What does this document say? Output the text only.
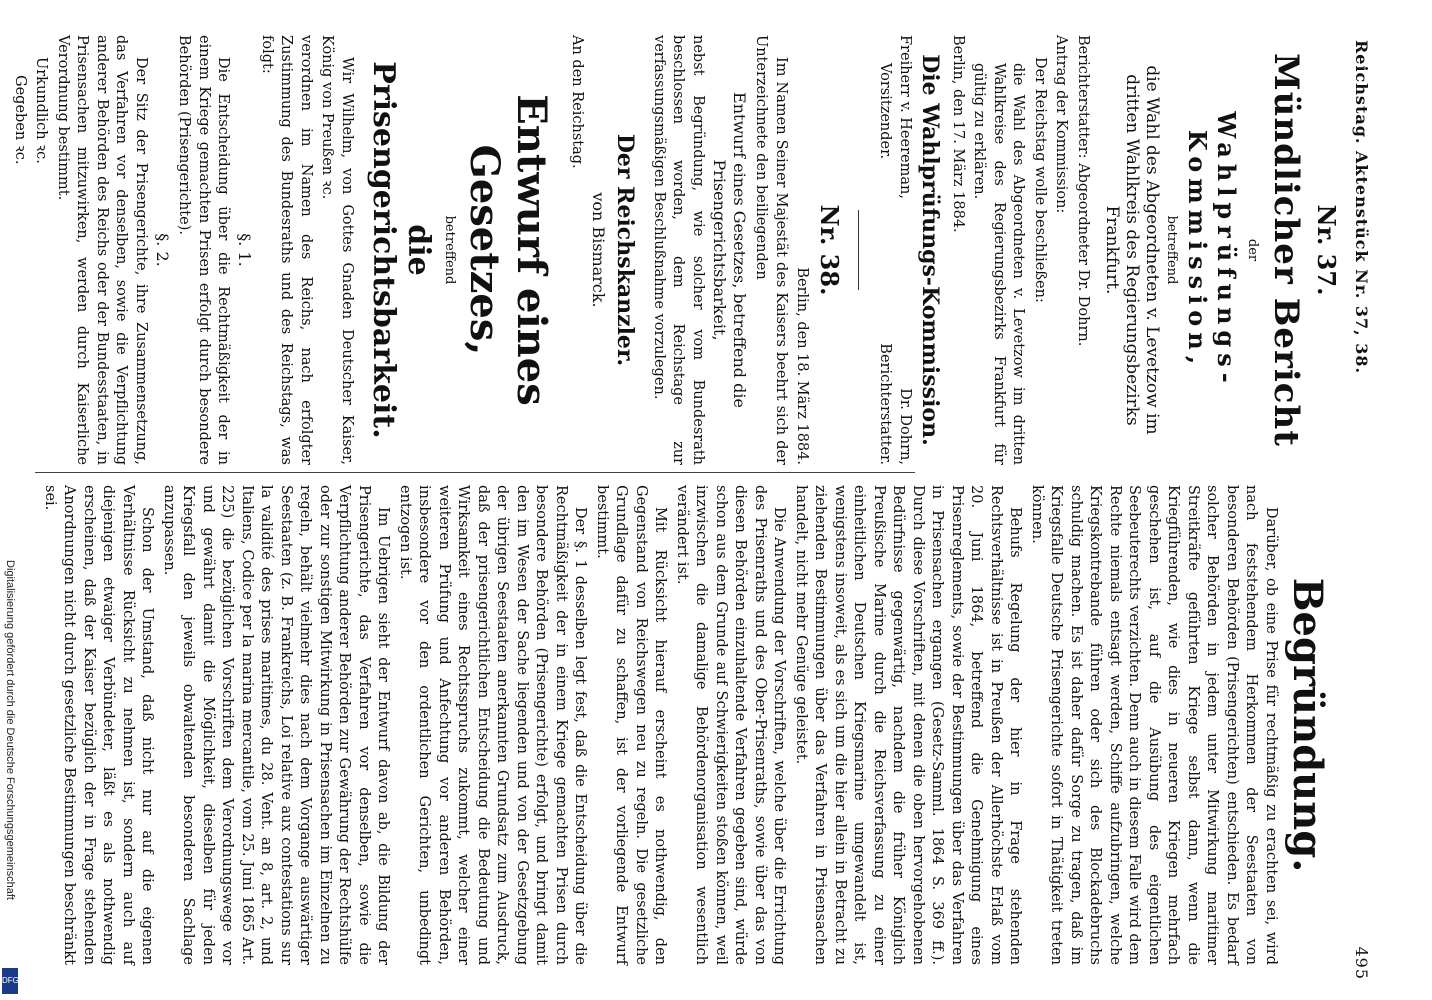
Reichstag. Aktenstück Nr. 37, 38.
495
Nr. 37.
Mündlicher Bericht
der
Wahlprüfungs-Kommission,
betreffend
die Wahl des Abgeordneten v. Levetzow im dritten Wahlkreis des Regierungsbezirks Frankfurt.
Berichterstatter: Abgeordneter Dr. Dohrn.
Antrag der Kommission:
Der Reichstag wolle beschließen:
die Wahl des Abgeordneten v. Levetzow im dritten Wahlkreise des Regierungsbezirks Frankfurt für gültig zu erklären.
Berlin, den 17. März 1884.
Die Wahlprüfungs-Kommission.
Freiherr v. Heereman,
Dr. Dohrn,
Vorsitzender.
Berichterstatter.
Nr. 38.
Berlin, den 18. März 1884.
Im Namen Seiner Majestät des Kaisers beehrt sich der Unterzeichnete den beiliegenden
Entwurf eines Gesetzes, betreffend die Prisengerichtsbarkeit,
nebst Begründung, wie solcher vom Bundesrath beschlossen worden, dem Reichstage zur verfassungsmäßigen Beschlußnahme vorzulegen.
Der Reichskanzler.
von Bismarck.
An den Reichstag.
Entwurf eines Gesetzes,
betreffend
die Prisengerichtsbarkeit.
Wir Wilhelm, von Gottes Gnaden Deutscher Kaiser, König von Preußen ꝛc.
verordnen im Namen des Reichs, nach erfolgter Zustimmung des Bundesraths und des Reichstags, was folgt:
§. 1.
Die Entscheidung über die Rechtmäßigkeit der in einem Kriege gemachten Prisen erfolgt durch besondere Behörden (Prisengerichte).
§. 2.
Der Sitz der Prisengerichte, ihre Zusammensetzung, das Verfahren vor denselben, sowie die Verpflichtung anderer Behörden des Reichs oder der Bundesstaaten, in Prisensachen mitzuwirken, werden durch Kaiserliche Verordnung bestimmt.
Urkundlich ꝛc.
Gegeben ꝛc.
Begründung.
Darüber, ob eine Prise für rechtmäßig zu erachten sei, wird nach feststehendem Herkommen der Seestaaten von besonderen Behörden (Prisengerichten) entschieden. Es bedarf solcher Behörden in jedem unter Mitwirkung maritimer Streitkräfte geführten Kriege selbst dann, wenn die Kriegführenden, wie dies in neueren Kriegen mehrfach geschehen ist, auf die Ausübung des eigentlichen Seebeuterechts verzichten. Denn auch in diesem Falle wird dem Rechte niemals entsagt werden, Schiffe aufzubringen, welche Kriegskontrebande führen oder sich des Blockadebruchs schuldig machen. Es ist daher dafür Sorge zu tragen, daß im Kriegsfalle Deutsche Prisengerichte sofort in Thätigkeit treten können.
Behufs Regelung der hier in Frage stehenden Rechtsverhältnisse ist in Preußen der Allerhöchste Erlaß vom 20. Juni 1864, betreffend die Genehmigung eines Prisenreglements, sowie der Bestimmungen über das Verfahren in Prisensachen ergangen (Gesetz-Samml. 1864 S. 369 ff.). Durch diese Vorschriften, mit denen die oben hervorgehobenen Bedürfnisse gegenwärtig, nachdem die früher Königlich Preußische Marine durch die Reichsverfassung zu einer einheitlichen Deutschen Kriegsmarine umgewandelt ist, wenigstens insoweit, als es sich um die hier allein in Betracht zu ziehenden Bestimmungen über das Verfahren in Prisensachen handelt, nicht mehr Genüge geleistet.
Die Anwendung der Vorschriften, welche über die Errichtung des Prisenraths und des Ober-Prisenraths, sowie über das von diesen Behörden einzuhaltende Verfahren gegeben sind, würde schon aus dem Grunde auf Schwierigkeiten stoßen können, weil inzwischen die damalige Behördenorganisation wesentlich verändert ist.
Mit Rücksicht hierauf erscheint es nothwendig, den Gegenstand von Reichswegen neu zu regeln. Die gesetzliche Grundlage dafür zu schaffen, ist der vorliegende Entwurf bestimmt.
Der §. 1 desselben legt fest, daß die Entscheidung über die Rechtmäßigkeit der in einem Kriege gemachten Prisen durch besondere Behörden (Prisengerichte) erfolgt, und bringt damit den im Wesen der Sache liegenden und von der Gesetzgebung der übrigen Seestaaten anerkannten Grundsatz zum Ausdruck, daß der prisengerichtlichen Entscheidung die Bedeutung und Wirksamkeit eines Rechtsspruchs zukommt, welcher einer weiteren Prüfung und Anfechtung vor anderen Behörden, insbesondere vor den ordentlichen Gerichten, unbedingt entzogen ist.
Im Uebrigen sieht der Entwurf davon ab, die Bildung der Prisengerichte, das Verfahren vor denselben, sowie die Verpflichtung anderer Behörden zur Gewährung der Rechtshülfe oder zur sonstigen Mitwirkung in Prisensachen im Einzelnen zu regeln, behält vielmehr dies nach dem Vorgange auswärtiger Seestaaten (z. B. Frankreichs, Loi relative aux contestations sur la validité des prises maritimes, du 28. Vent. an 8, art. 2, und Italiens, Codice per la marina mercantile, vom 25. Juni 1865 Art. 225) die bezüglichen Vorschriften dem Verordnungswege vor und gewährt damit die Möglichkeit, dieselben für jeden Kriegsfall den jeweils obwaltenden besonderen Sachlage anzupassen.
Schon der Umstand, daß nicht nur auf die eigenen Verhältnisse Rücksicht zu nehmen ist, sondern auch auf diejenigen etwaiger Verbündeter, läßt es als nothwendig erscheinen, daß der Kaiser bezüglich der in Frage stehenden Anordnungen nicht durch gesetzliche Bestimmungen beschränkt sei.
Digitalisierung gefördert durch die Deutsche Forschungsgemeinschaft
DFG
